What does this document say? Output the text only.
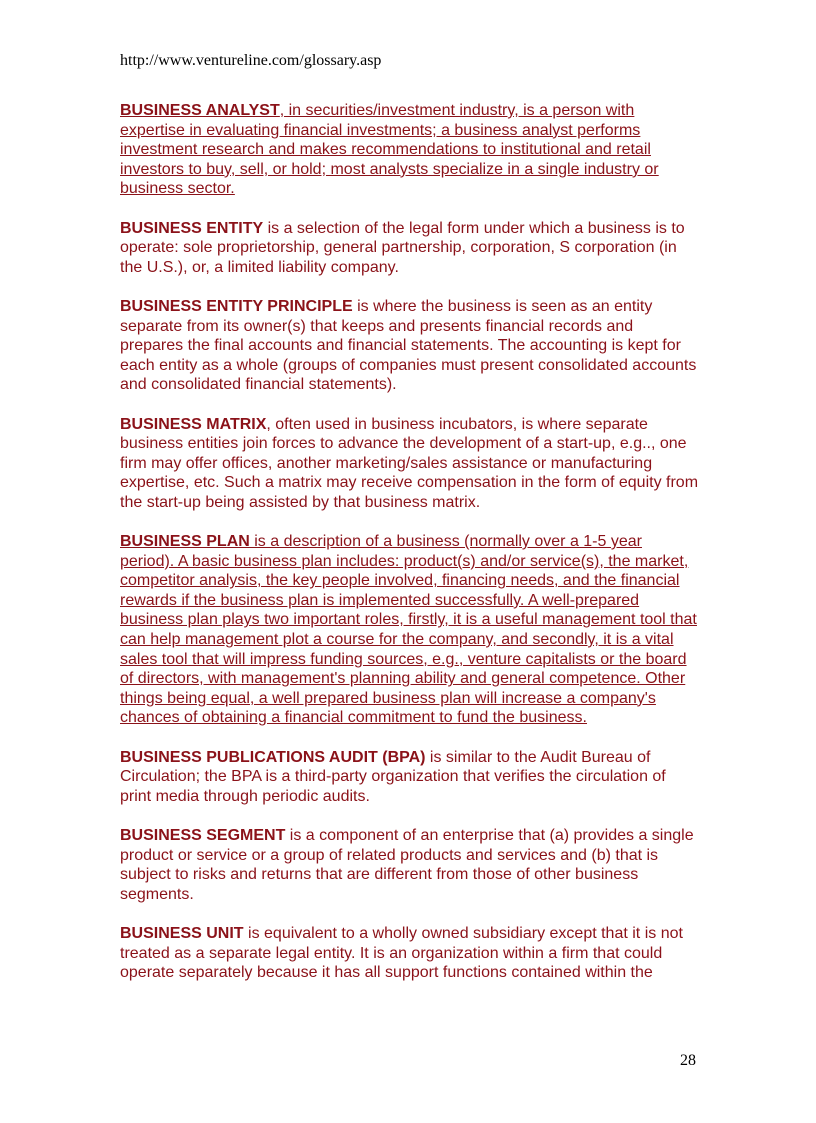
http://www.ventureline.com/glossary.asp

BUSINESS ANALYST, in securities/investment industry, is a person with expertise in evaluating financial investments; a business analyst performs investment research and makes recommendations to institutional and retail investors to buy, sell, or hold; most analysts specialize in a single industry or business sector.

BUSINESS ENTITY is a selection of the legal form under which a business is to operate: sole proprietorship, general partnership, corporation, S corporation (in the U.S.), or, a limited liability company.

BUSINESS ENTITY PRINCIPLE is where the business is seen as an entity separate from its owner(s) that keeps and presents financial records and prepares the final accounts and financial statements. The accounting is kept for each entity as a whole (groups of companies must present consolidated accounts and consolidated financial statements).

BUSINESS MATRIX, often used in business incubators, is where separate business entities join forces to advance the development of a start-up, e.g.., one firm may offer offices, another marketing/sales assistance or manufacturing expertise, etc. Such a matrix may receive compensation in the form of equity from the start-up being assisted by that business matrix.

BUSINESS PLAN is a description of a business (normally over a 1-5 year period). A basic business plan includes: product(s) and/or service(s), the market, competitor analysis, the key people involved, financing needs, and the financial rewards if the business plan is implemented successfully. A well-prepared business plan plays two important roles, firstly, it is a useful management tool that can help management plot a course for the company, and secondly, it is a vital sales tool that will impress funding sources, e.g., venture capitalists or the board of directors, with management's planning ability and general competence. Other things being equal, a well prepared business plan will increase a company's chances of obtaining a financial commitment to fund the business.

BUSINESS PUBLICATIONS AUDIT (BPA) is similar to the Audit Bureau of Circulation; the BPA is a third-party organization that verifies the circulation of print media through periodic audits.

BUSINESS SEGMENT is a component of an enterprise that (a) provides a single product or service or a group of related products and services and (b) that is subject to risks and returns that are different from those of other business segments.

BUSINESS UNIT is equivalent to a wholly owned subsidiary except that it is not treated as a separate legal entity. It is an organization within a firm that could operate separately because it has all support functions contained within the

28
